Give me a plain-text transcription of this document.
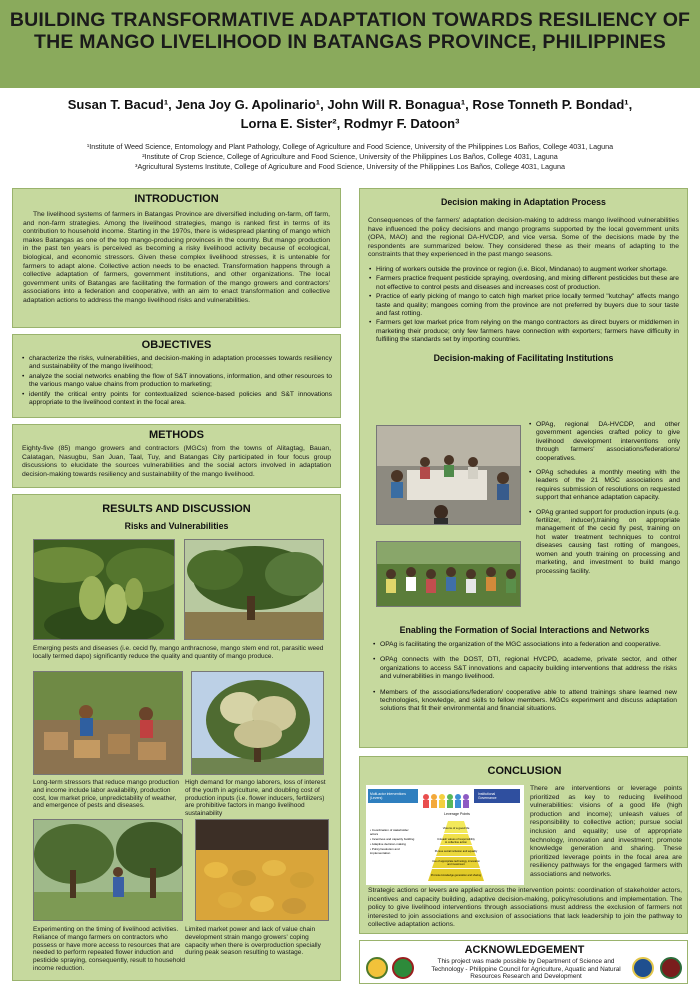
BUILDING TRANSFORMATIVE ADAPTATION TOWARDS RESILIENCY OF THE MANGO LIVELIHOOD IN BATANGAS PROVINCE, PHILIPPINES
Susan T. Bacud¹, Jena Joy G. Apolinario¹, John Will R. Bonagua¹, Rose Tonneth P. Bondad¹,
Lorna E. Sister², Rodmyr F. Datoon³
¹Institute of Weed Science, Entomology and Plant Pathology, College of Agriculture and Food Science, University of the Philippines Los Baños, College 4031, Laguna
²Institute of Crop Science, College of Agriculture and Food Science, University of the Philippines Los Baños, College 4031, Laguna
³Agricultural Systems Institute, College of Agriculture and Food Science, University of the Philippines Los Baños, College 4031, Laguna
INTRODUCTION
The livelihood systems of farmers in Batangas Province are diversified including on-farm, off farm, and non-farm strategies. Among the livelihood strategies, mango is ranked first in terms of its contribution to household income. Starting in the 1970s, there is widespread planting of mango which makes Batangas as one of the top mango-producing provinces in the country. But mango production in the past ten years is perceived as becoming a risky livelihood activity because of ecological, biological, and economic stressors. Given these complex livelihood stresses, it is untenable for farmers to adapt alone. Collective action needs to be enacted. Transformation happens through a collective adaptation of farmers, government institutions, and other organizations. The local government units of Batangas are facilitating the formation of the mango growers and contractors' associations into a federation and cooperative, with an aim to enact transformation and collective adaptation actions to address the mango livelihood risks and vulnerabilities.
OBJECTIVES
• characterize the risks, vulnerabilities, and decision-making in adaptation processes towards resiliency and sustainability of the mango livelihood;
• analyze the social networks enabling the flow of S&T innovations, information, and other resources to the various mango value chains from production to marketing;
• identify the critical entry points for contextualized science-based policies and S&T innovations appropriate to the livelihood context in the focal area.
METHODS
Eighty-five (85) mango growers and contractors (MGCs) from the towns of Alitagtag, Bauan, Calatagan, Nasugbu, San Juan, Taal, Tuy, and Batangas City participated in four focus group discussions to elucidate the sources vulnerabilities and the social actors involved in adaptation decision-making towards resiliency and sustainability of the mango livelihood.
RESULTS AND DISCUSSION
Risks and Vulnerabilities
Emerging pests and diseases (i.e. cecid fly, mango anthracnose, mango stem end rot, parasitic weed locally termed dapo) significantly reduce the quality and quantity of mango produce.
Long-term stressors that reduce mango production and income include labor availability, production cost, low market price, unpredictability of weather, and emergence of pests and diseases.
High demand for mango laborers, loss of interest of the youth in agriculture, and doubling cost of production inputs (i.e. flower inducers, fertilizers) are prohibitive factors in mango livelihood sustainability
Experimenting on the timing of livelihood activities. Reliance of mango farmers on contractors who possess or have more access to resources that are needed to perform repeated flower induction and pesticide spraying, consequently, result to household income reduction.
Limited market power and lack of value chain development strain mango growers' coping capacity when there is overproduction specially during peak season resulting to wastage.
Decision making in Adaptation Process
Consequences of the farmers' adaptation decision-making to address mango livelihood vulnerabilities have influenced the policy decisions and mango programs supported by the local government units (OPA, MAO) and the regional DA-HVCDP, and vice versa. Some of the decisions made by the respondents are summarized below. They considered these as their means of adapting to the constraints that they experienced in the past mango seasons.
• Hiring of workers outside the province or region (i.e. Bicol, Mindanao) to augment worker shortage.
• Farmers practice frequent pesticide spraying, overdosing, and mixing different pesticides but these are not effective to control pests and diseases and increases cost of production.
• Practice of early picking of mango to catch high market price locally termed "kutchay" affects mango taste and quality; mangoes coming from the province are not preferred by buyers due to sour taste and fast rotting.
• Farmers get low market price from relying on the mango contractors as direct buyers or middlemen in marketing their produce; only few farmers have connection with exporters; farmers have difficulty in fulfilling the standards set by importing countries.
Decision-making of Facilitating Institutions
• OPAg, regional DA-HVCDP, and other government agencies crafted policy to give livelihood development interventions only through farmers' associations/federations/ cooperatives.
• OPAg schedules a monthly meeting with the leaders of the 21 MGC associations and requires submission of resolutions on requested support that enhance adaptation capacity.
• OPAg granted support for production inputs (e.g. fertilizer, inducer),training on appropriate management of the cecid fly pest, training on hot water treatment techniques to control diseases causing fast rotting of mangoes, women and youth training on processing and marketing, and investment to build mango processing facility.
Enabling the Formation of Social Interactions and Networks
• OPAg is facilitating the organization of the MGC associations into a federation and cooperative.
• OPAg connects with the DOST, DTI, regional HVCPD, academe, private sector, and other organizations to access S&T innovations and capacity building interventions that address the risks and vulnerabilities in mango livelihood.
• Members of the associations/federation/ cooperative able to attend trainings share learned new technologies, knowledge, and skills to fellow members. MGCs experiment and discuss adaptation solutions that fit their environmental and financial situations.
CONCLUSION
Multi-actor interventions
(Levers)
Institutional
Governance
Leverage Points
Visions of a good life
Unleash values of responsibility
to collective action
Pursue social inclusion and equality
Use of appropriate technology, innovation
and investment
Promote knowledge generation and sharing
• Coordination of stakeholder
actors
• Incentives and capacity building
• Adaptive decision-making
• Policy/resolution and
implementation
There are interventions or leverage points prioritized as key to reducing livelihood vulnerabilities: visions of a good life (high production and income); unleash values of responsibility to collective action; pursue social inclusion and equality; use of appropriate technology, innovation and investment; promote knowledge generation and sharing. These prioritized leverage points in the focal area are resiliency pathways for the engaged farmers with associations and networks.
Strategic actions or levers are applied across the intervention points: coordination of stakeholder actors, incentives and capacity building, adaptive decision-making, policy/resolutions and implementation. The policy to give livelihood interventions through associations must address the exclusion of farmers not interested to join associations and exclusion of associations that lack leadership to join the pathway to collective adaptation actions.
ACKNOWLEDGEMENT
This project was made possible by Department of Science and Technology - Philippine Council for Agriculture, Aquatic and Natural Resources Research and Development
